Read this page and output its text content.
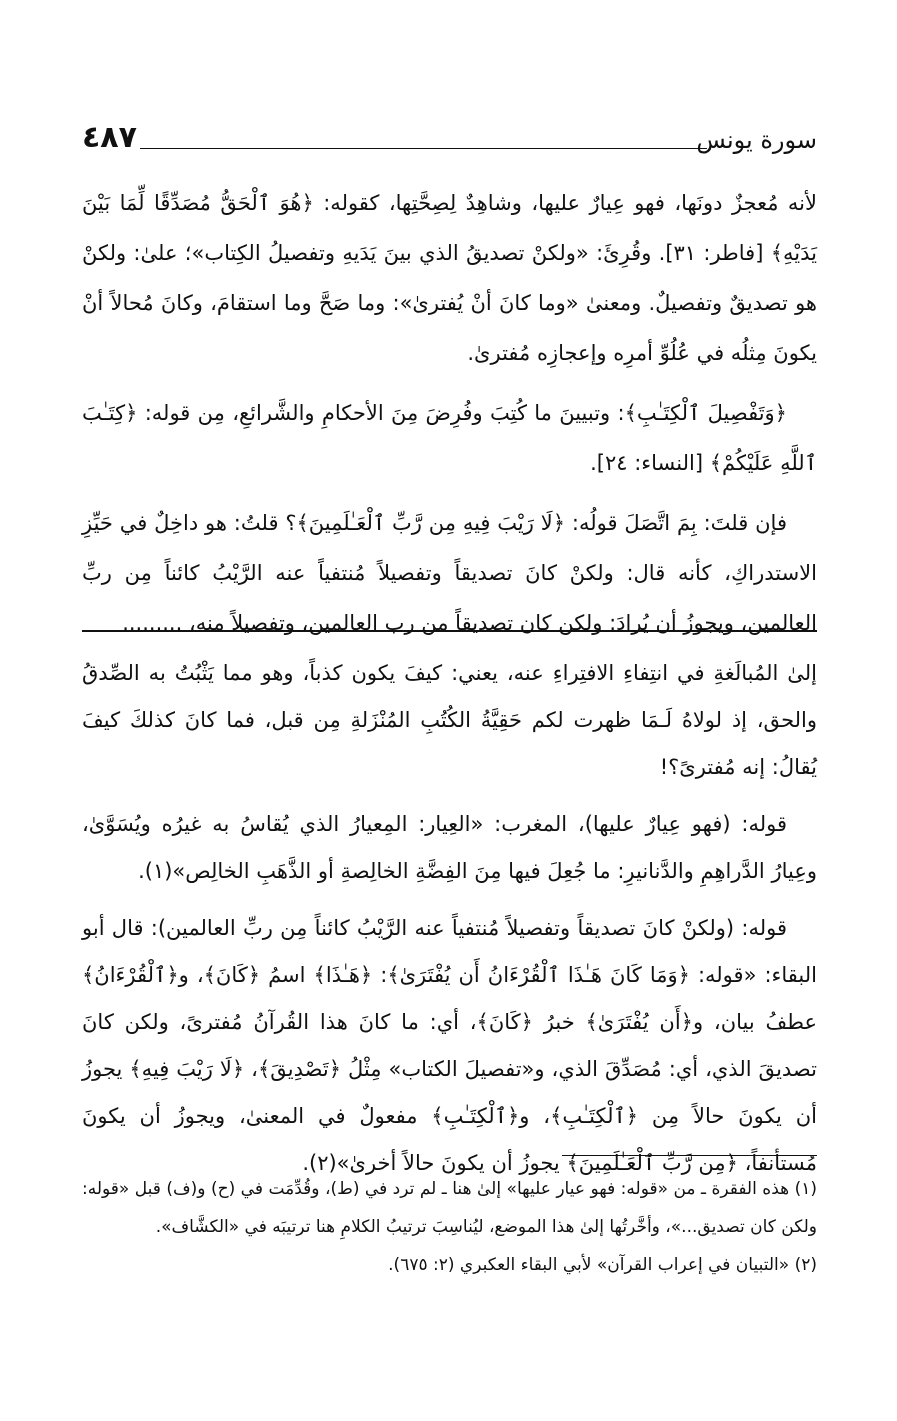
٤٨٧	سورة يونس

لأنه مُعجزٌ دونَها، فهو عِيارٌ عليها، وشاهِدٌ لِصِحَّتِها، كقوله: ﴿هُوَ ٱلْحَقُّ مُصَدِّقًا لِّمَا بَيْنَ يَدَيْهِ﴾ [فاطر: ٣١]. وقُرِئَ: «ولكنْ تصديقُ الذي بينَ يَدَيهِ وتفصيلُ الكِتاب»؛ علىٰ: ولكنْ هو تصديقٌ وتفصيلٌ. ومعنىٰ «وما كانَ أنْ يُفترىٰ»: وما صَحَّ وما استقامَ، وكانَ مُحالاً أنْ يكونَ مِثلُه في عُلُوِّ أمرِه وإعجازِه مُفترىٰ.

﴿وَتَفْصِيلَ ٱلْكِتَـٰبِ﴾: وتبيينَ ما كُتِبَ وفُرِضَ مِنَ الأحكامِ والشَّرائعِ، مِن قوله: ﴿كِتَـٰبَ ٱللَّهِ عَلَيْكُمْ﴾ [النساء: ٢٤].

فإن قلتَ: بِمَ اتَّصَلَ قولُه: ﴿لَا رَيْبَ فِيهِ مِن رَّبِّ ٱلْعَـٰلَمِينَ﴾؟ قلتُ: هو داخِلٌ في حَيِّزِ الاستدراكِ، كأنه قال: ولكنْ كانَ تصديقاً وتفصيلاً مُنتفياً عنه الرَّيْبُ كائناً مِن ربِّ العالمين، ويجوزُ أن يُرادَ: ولكن كان تصديقاً من رب العالمين، وتفصيلاً منه، .........

إلىٰ المُبالَغةِ في انتِفاءِ الافتِراءِ عنه، يعني: كيفَ يكون كذباً، وهو مما يَثْبُتُ به الصِّدقُ والحق، إذ لولاهُ لَـمَا ظهرت لكم حَقِيَّةُ الكُتُبِ المُنْزَلةِ مِن قبل، فما كانَ كذلكَ كيفَ يُقالُ: إنه مُفترىً؟!

قوله: (فهو عِيارٌ عليها)، المغرب: «العِيار: المِعيارُ الذي يُقاسُ به غيرُه ويُسَوَّىٰ، وعِيارُ الدَّراهِمِ والدَّنانيرِ: ما جُعِلَ فيها مِنَ الفِضَّةِ الخالِصةِ أو الذَّهَبِ الخالِص»(١).

قوله: (ولكنْ كانَ تصديقاً وتفصيلاً مُنتفياً عنه الرَّيْبُ كائناً مِن ربِّ العالمين): قال أبو البقاء: «قوله: ﴿وَمَا كَانَ هَـٰذَا ٱلْقُرْءَانُ أَن يُفْتَرَىٰ﴾: ﴿هَـٰذَا﴾ اسمُ ﴿كَانَ﴾، و﴿ٱلْقُرْءَانُ﴾ عطفُ بيان، و﴿أَن يُفْتَرَىٰ﴾ خبرُ ﴿كَانَ﴾، أي: ما كانَ هذا القُرآنُ مُفترىً، ولكن كانَ تصديقَ الذي، أي: مُصَدِّقَ الذي، و«تفصيلَ الكتاب» مِثْلُ ﴿تَصْدِيقَ﴾، ﴿لَا رَيْبَ فِيهِ﴾ يجوزُ أن يكونَ حالاً مِن ﴿ٱلْكِتَـٰبِ﴾، و﴿ٱلْكِتَـٰبِ﴾ مفعولٌ في المعنىٰ، ويجوزُ أن يكونَ مُستأنفاً، ﴿مِن رَّبِّ ٱلْعَـٰلَمِينَ﴾ يجوزُ أن يكونَ حالاً أخرىٰ»(٢).

(١) هذه الفقرة ـ من «قوله: فهو عيار عليها» إلىٰ هنا ـ لم ترد في (ط)، وقُدِّمَت في (ح) و(ف) قبل «قوله: ولكن كان تصديق...»، وأخَّرتُها إلىٰ هذا الموضع، ليُناسِبَ ترتيبُ الكلامِ هنا ترتيبَه في «الكشَّاف».

(٢) «التبيان في إعراب القرآن» لأبي البقاء العكبري (٢: ٦٧٥).
